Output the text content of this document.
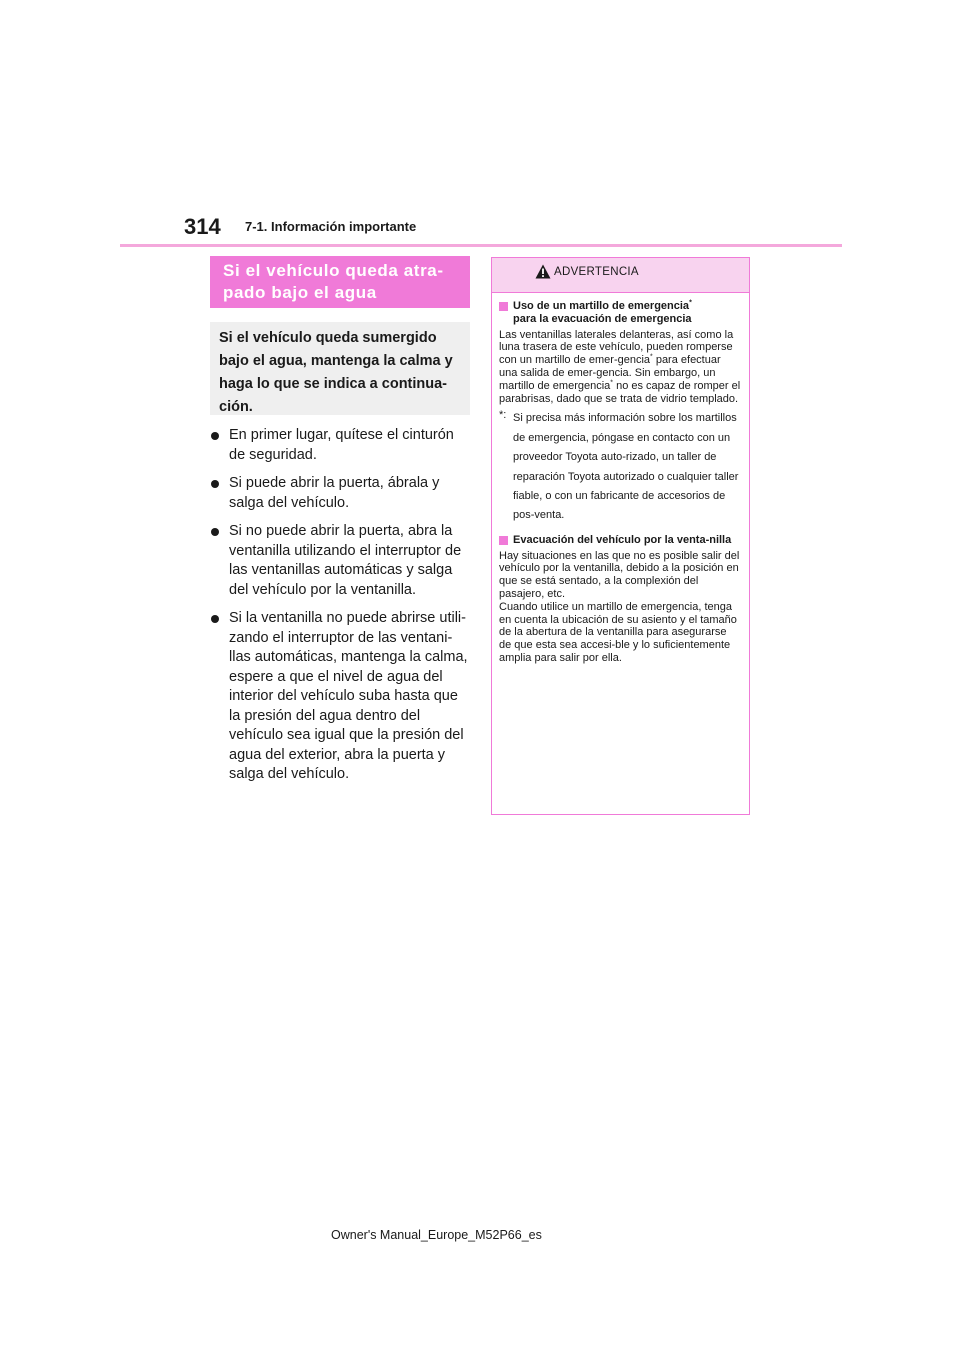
314 7-1. Información importante
Si el vehículo queda atra-pado bajo el agua
Si el vehículo queda sumergido bajo el agua, mantenga la calma y haga lo que se indica a continua-ción.
En primer lugar, quítese el cinturón de seguridad.
Si puede abrir la puerta, ábrala y salga del vehículo.
Si no puede abrir la puerta, abra la ventanilla utilizando el interruptor de las ventanillas automáticas y salga del vehículo por la ventanilla.
Si la ventanilla no puede abrirse utili-zando el interruptor de las ventani-llas automáticas, mantenga la calma, espere a que el nivel de agua del interior del vehículo suba hasta que la presión del agua dentro del vehículo sea igual que la presión del agua del exterior, abra la puerta y salga del vehículo.
ADVERTENCIA
Uso de un martillo de emergencia*
para la evacuación de emergencia
Las ventanillas laterales delanteras, así como la luna trasera de este vehículo, pueden romperse con un martillo de emer-gencia* para efectuar una salida de emer-gencia. Sin embargo, un martillo de emergencia* no es capaz de romper el parabrisas, dado que se trata de vidrio templado.
*: Si precisa más información sobre los martillos de emergencia, póngase en contacto con un proveedor Toyota auto-rizado, un taller de reparación Toyota autorizado o cualquier taller fiable, o con un fabricante de accesorios de pos-venta.
Evacuación del vehículo por la venta-nilla
Hay situaciones en las que no es posible salir del vehículo por la ventanilla, debido a la posición en que se está sentado, a la complexión del pasajero, etc.
Cuando utilice un martillo de emergencia, tenga en cuenta la ubicación de su asiento y el tamaño de la abertura de la ventanilla para asegurarse de que esta sea accesi-ble y lo suficientemente amplia para salir por ella.
Owner's Manual_Europe_M52P66_es
